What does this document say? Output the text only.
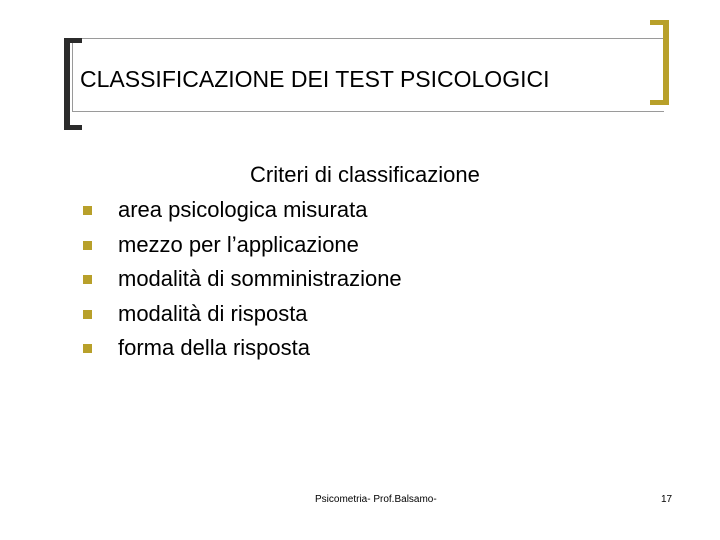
CLASSIFICAZIONE DEI TEST PSICOLOGICI
Criteri di classificazione
area psicologica misurata
mezzo per l’applicazione
modalità di somministrazione
modalità di risposta
forma della risposta
Psicometria- Prof.Balsamo-	17
